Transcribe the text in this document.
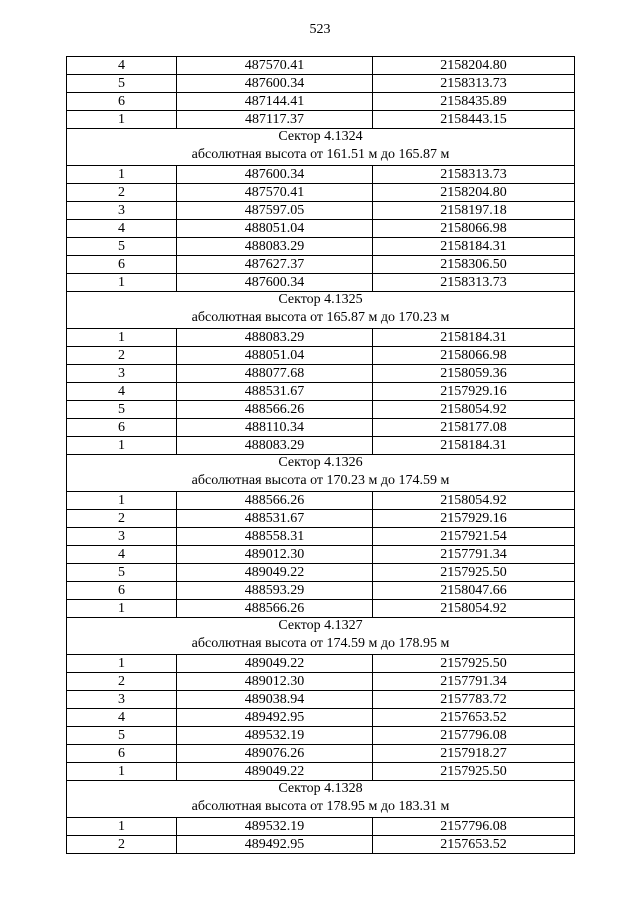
523
4	487570.41	2158204.80
5	487600.34	2158313.73
6	487144.41	2158435.89
1	487117.37	2158443.15

Сектор 4.1324
абсолютная высота от 161.51 м до 165.87 м		

1	487600.34	2158313.73
2	487570.41	2158204.80
3	487597.05	2158197.18
4	488051.04	2158066.98
5	488083.29	2158184.31
6	487627.37	2158306.50
1	487600.34	2158313.73

Сектор 4.1325
абсолютная высота от 165.87 м до 170.23 м		

1	488083.29	2158184.31
2	488051.04	2158066.98
3	488077.68	2158059.36
4	488531.67	2157929.16
5	488566.26	2158054.92
6	488110.34	2158177.08
1	488083.29	2158184.31

Сектор 4.1326
абсолютная высота от 170.23 м до 174.59 м		

1	488566.26	2158054.92
2	488531.67	2157929.16
3	488558.31	2157921.54
4	489012.30	2157791.34
5	489049.22	2157925.50
6	488593.29	2158047.66
1	488566.26	2158054.92

Сектор 4.1327
абсолютная высота от 174.59 м до 178.95 м		

1	489049.22	2157925.50
2	489012.30	2157791.34
3	489038.94	2157783.72
4	489492.95	2157653.52
5	489532.19	2157796.08
6	489076.26	2157918.27
1	489049.22	2157925.50

Сектор 4.1328
абсолютная высота от 178.95 м до 183.31 м		

1	489532.19	2157796.08
2	489492.95	2157653.52
